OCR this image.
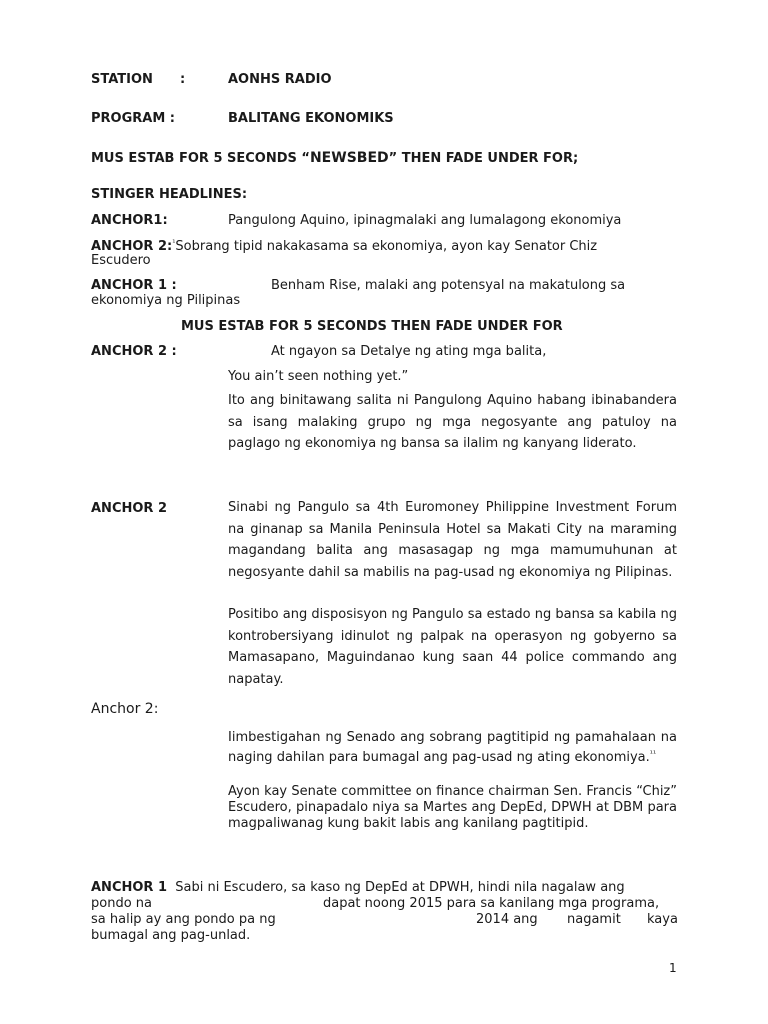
STATION :	AONHS RADIO
PROGRAM :	BALITANG EKONOMIKS
MUS ESTAB FOR 5 SECONDS “NEWSBED” THEN FADE UNDER FOR;
STINGER HEADLINES:
ANCHOR1:	Pangulong Aquino, ipinagmalaki ang lumalagong ekonomiya
ANCHOR 2:$^{^1}$Sobrang tipid nakakasama sa ekonomiya, ayon kay Senator Chiz
Escudero
ANCHOR 1 :	Benham Rise, malaki ang potensyal na makatulong sa
ekonomiya ng Pilipinas
MUS ESTAB FOR 5 SECONDS THEN FADE UNDER FOR
ANCHOR 2 :	At ngayon sa Detalye ng ating mga balita,
You ain’t seen nothing yet.”
Ito ang binitawang salita ni Pangulong Aquino habang ibinabandera sa isang malaking grupo ng mga negosyante ang patuloy na paglago ng ekonomiya ng bansa sa ilalim ng kanyang liderato.
ANCHOR 2	Sinabi ng Pangulo sa 4th Euromoney Philippine Investment Forum na ginanap sa Manila Peninsula Hotel sa Makati City na maraming magandang balita ang masasagap ng mga mamumuhunan at negosyante dahil sa mabilis na pag-usad ng ekonomiya ng Pilipinas.
Positibo ang disposisyon ng Pangulo sa estado ng bansa sa kabila ng kontrobersiyang idinulot ng palpak na operasyon ng gobyerno sa Mamasapano, Maguindanao kung saan 44 police commando ang napatay.
Anchor 2:
Iimbestigahan ng Senado ang sobrang pagtitipid ng pamahalaan na naging dahilan para bumagal ang pag-usad ng ating ekonomiya.$^{^{11}}$
Ayon kay Senate committee on finance chairman Sen. Francis “Chiz” Escudero, pinapadalo niya sa Martes ang DepEd, DPWH at DBM para magpaliwanag kung bakit labis ang kanilang pagtitipid.
ANCHOR 1 Sabi ni Escudero, sa kaso ng DepEd at DPWH, hindi nila nagalaw ang
pondo na	dapat noong 2015 para sa kanilang mga programa,
sa halip ay ang pondo pa ng	2014 ang nagamit kaya
bumagal ang pag-unlad.
1
